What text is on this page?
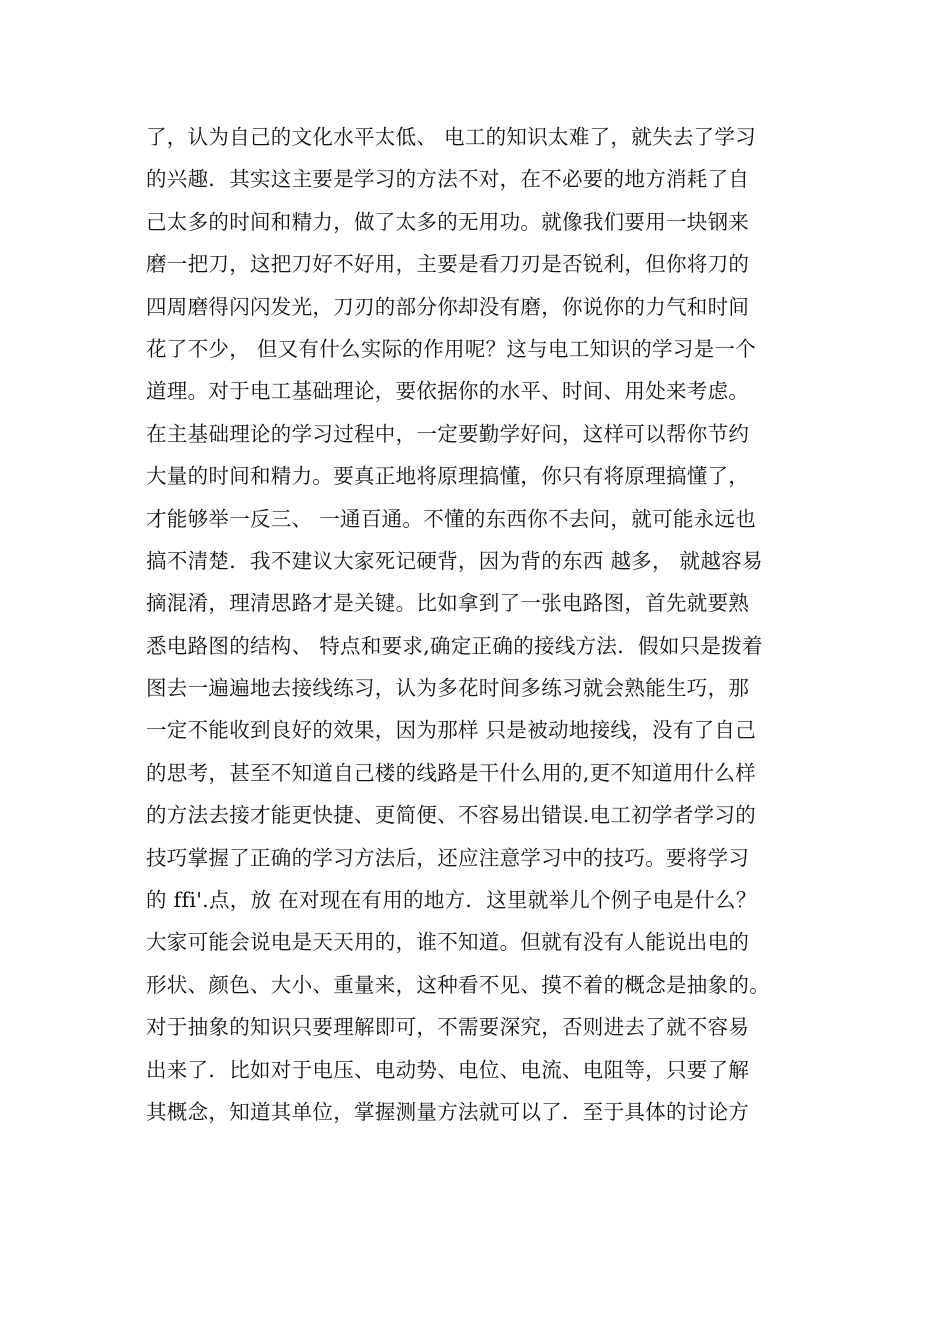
了，认为自己的文化水平太低、 电工的知识太难了，就失去了学习
的兴趣．其实这主要是学习的方法不对，在不必要的地方消耗了自
己太多的时间和精力，做了太多的无用功。就像我们要用一块钢来
磨一把刀，这把刀好不好用，主要是看刀刃是否锐利，但你将刀的
四周磨得闪闪发光，刀刃的部分你却没有磨，你说你的力气和时间
花了不少， 但又有什么实际的作用呢？这与电工知识的学习是一个
道理。对于电工基础理论，要依据你的水平、时间、用处来考虑。
在主基础理论的学习过程中，一定要勤学好问，这样可以帮你节约
大量的时间和精力。要真正地将原理搞懂，你只有将原理搞懂了，
才能够举一反三、 一通百通。不懂的东西你不去问，就可能永远也
搞不清楚．我不建议大家死记硬背，因为背的东西 越多， 就越容易
摘混淆，理清思路才是关键。比如拿到了一张电路图，首先就要熟
悉电路图的结构、 特点和要求,确定正确的接线方法．假如只是拨着
图去一遍遍地去接线练习，认为多花时间多练习就会熟能生巧，那
一定不能收到良好的效果，因为那样 只是被动地接线，没有了自己
的思考，甚至不知道自己楼的线路是干什么用的,更不知道用什么样
的方法去接才能更快捷、更简便、不容易出错误.电工初学者学习的
技巧掌握了正确的学习方法后，还应注意学习中的技巧。要将学习
的 ffi'.点，放 在对现在有用的地方．这里就举儿个例子电是什么？
大家可能会说电是天天用的，谁不知道。但就有没有人能说出电的
形状、颜色、大小、重量来，这种看不见、摸不着的概念是抽象的。
对于抽象的知识只要理解即可，不需要深究，否则进去了就不容易
出来了．比如对于电压、电动势、电位、电流、电阻等，只要了解
其概念，知道其单位，掌握测量方法就可以了．至于具体的讨论方
